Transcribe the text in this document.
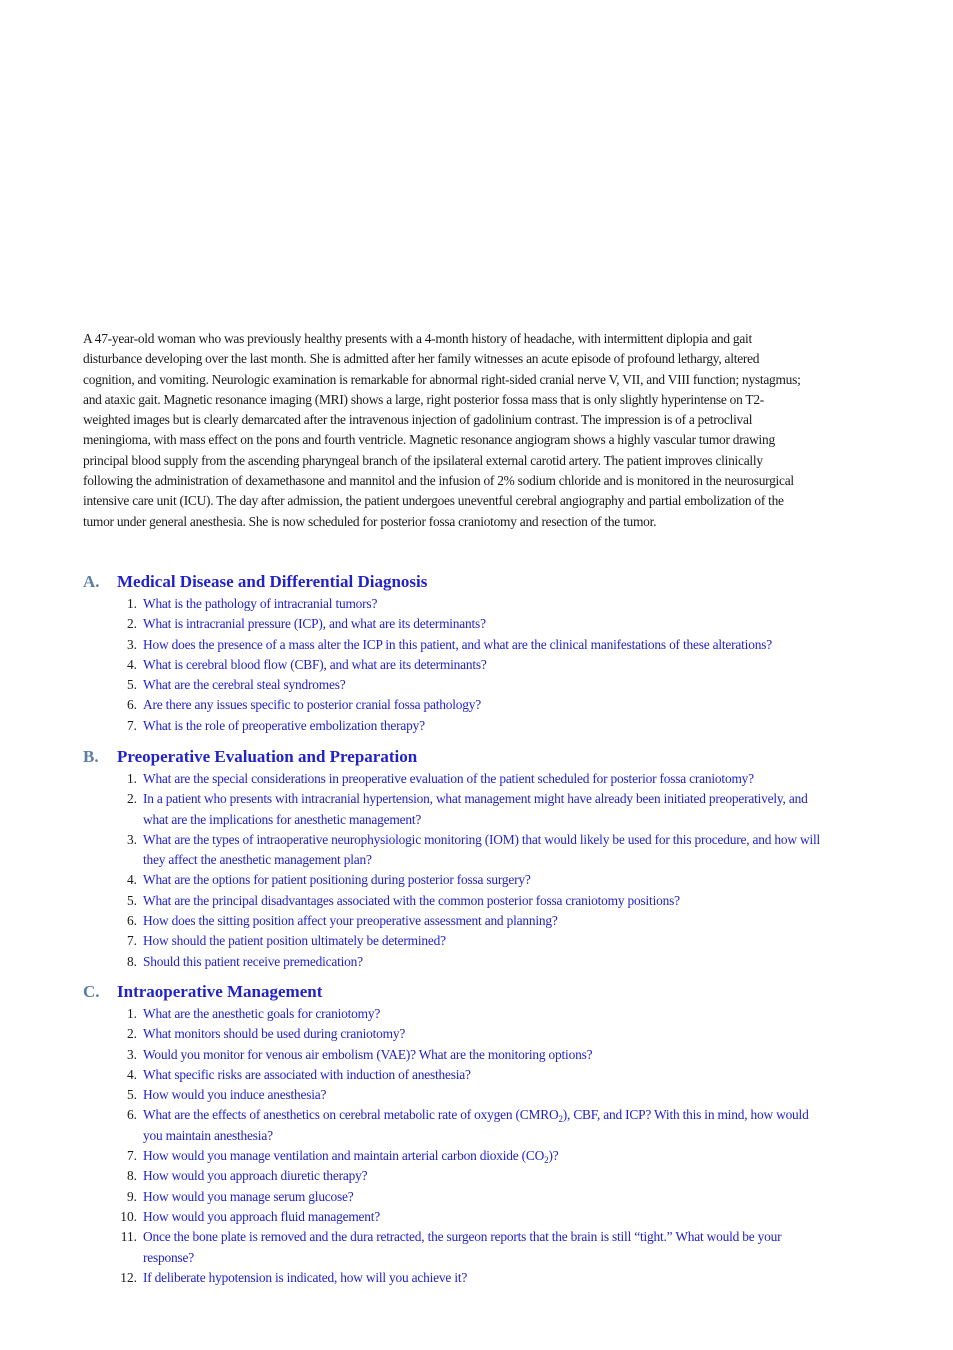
A 47-year-old woman who was previously healthy presents with a 4-month history of headache, with intermittent diplopia and gait
disturbance developing over the last month. She is admitted after her family witnesses an acute episode of profound lethargy, altered
cognition, and vomiting. Neurologic examination is remarkable for abnormal right-sided cranial nerve V, VII, and VIII function; nystagmus;
and ataxic gait. Magnetic resonance imaging (MRI) shows a large, right posterior fossa mass that is only slightly hyperintense on T2-
weighted images but is clearly demarcated after the intravenous injection of gadolinium contrast. The impression is of a petroclival
meningioma, with mass effect on the pons and fourth ventricle. Magnetic resonance angiogram shows a highly vascular tumor drawing
principal blood supply from the ascending pharyngeal branch of the ipsilateral external carotid artery. The patient improves clinically
following the administration of dexamethasone and mannitol and the infusion of 2% sodium chloride and is monitored in the neurosurgical
intensive care unit (ICU). The day after admission, the patient undergoes uneventful cerebral angiography and partial embolization of the
tumor under general anesthesia. She is now scheduled for posterior fossa craniotomy and resection of the tumor.
A. Medical Disease and Differential Diagnosis
1. What is the pathology of intracranial tumors?
2. What is intracranial pressure (ICP), and what are its determinants?
3. How does the presence of a mass alter the ICP in this patient, and what are the clinical manifestations of these alterations?
4. What is cerebral blood flow (CBF), and what are its determinants?
5. What are the cerebral steal syndromes?
6. Are there any issues specific to posterior cranial fossa pathology?
7. What is the role of preoperative embolization therapy?
B. Preoperative Evaluation and Preparation
1. What are the special considerations in preoperative evaluation of the patient scheduled for posterior fossa craniotomy?
2. In a patient who presents with intracranial hypertension, what management might have already been initiated preoperatively, and
what are the implications for anesthetic management?
3. What are the types of intraoperative neurophysiologic monitoring (IOM) that would likely be used for this procedure, and how will
they affect the anesthetic management plan?
4. What are the options for patient positioning during posterior fossa surgery?
5. What are the principal disadvantages associated with the common posterior fossa craniotomy positions?
6. How does the sitting position affect your preoperative assessment and planning?
7. How should the patient position ultimately be determined?
8. Should this patient receive premedication?
C. Intraoperative Management
1. What are the anesthetic goals for craniotomy?
2. What monitors should be used during craniotomy?
3. Would you monitor for venous air embolism (VAE)? What are the monitoring options?
4. What specific risks are associated with induction of anesthesia?
5. How would you induce anesthesia?
6. What are the effects of anesthetics on cerebral metabolic rate of oxygen $(CMRO_2)$, CBF, and ICP? With this in mind, how would
you maintain anesthesia?
7. How would you manage ventilation and maintain arterial carbon dioxide $(CO_2)$?
8. How would you approach diuretic therapy?
9. How would you manage serum glucose?
10. How would you approach fluid management?
11. Once the bone plate is removed and the dura retracted, the surgeon reports that the brain is still “tight.” What would be your
response?
12. If deliberate hypotension is indicated, how will you achieve it?
